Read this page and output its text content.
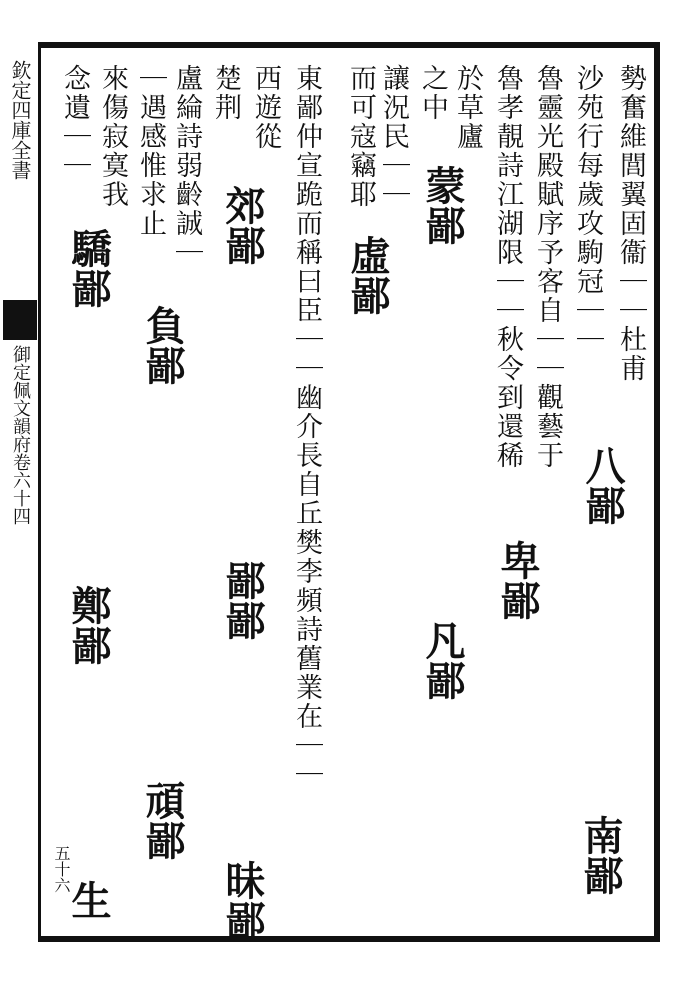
欽定四庫全書
御定佩文韻府卷六十四
五十六
勢奮維閭翼固衞｜｜杜甫
沙苑行每歲攻駒冠｜｜
魯靈光殿賦序予客自｜｜觀藝于
魯孝靚詩江湖限｜｜秋令到還稀
於草廬
之中
讓況民｜｜
而可寇竊耶
東鄙仲宣跪而稱曰臣｜｜幽介長自丘樊李頻詩舊業在｜｜
楚荆 西遊從
盧綸詩弱齡誠｜
｜遇感惟求止
來傷寂寞我
念遺｜｜
八鄙
卑鄙
南鄙
蒙鄙
凡鄙
虛鄙
郊鄙
鄙鄙
昧鄙
負鄙
驕鄙
鄭鄙
頑鄙
生
